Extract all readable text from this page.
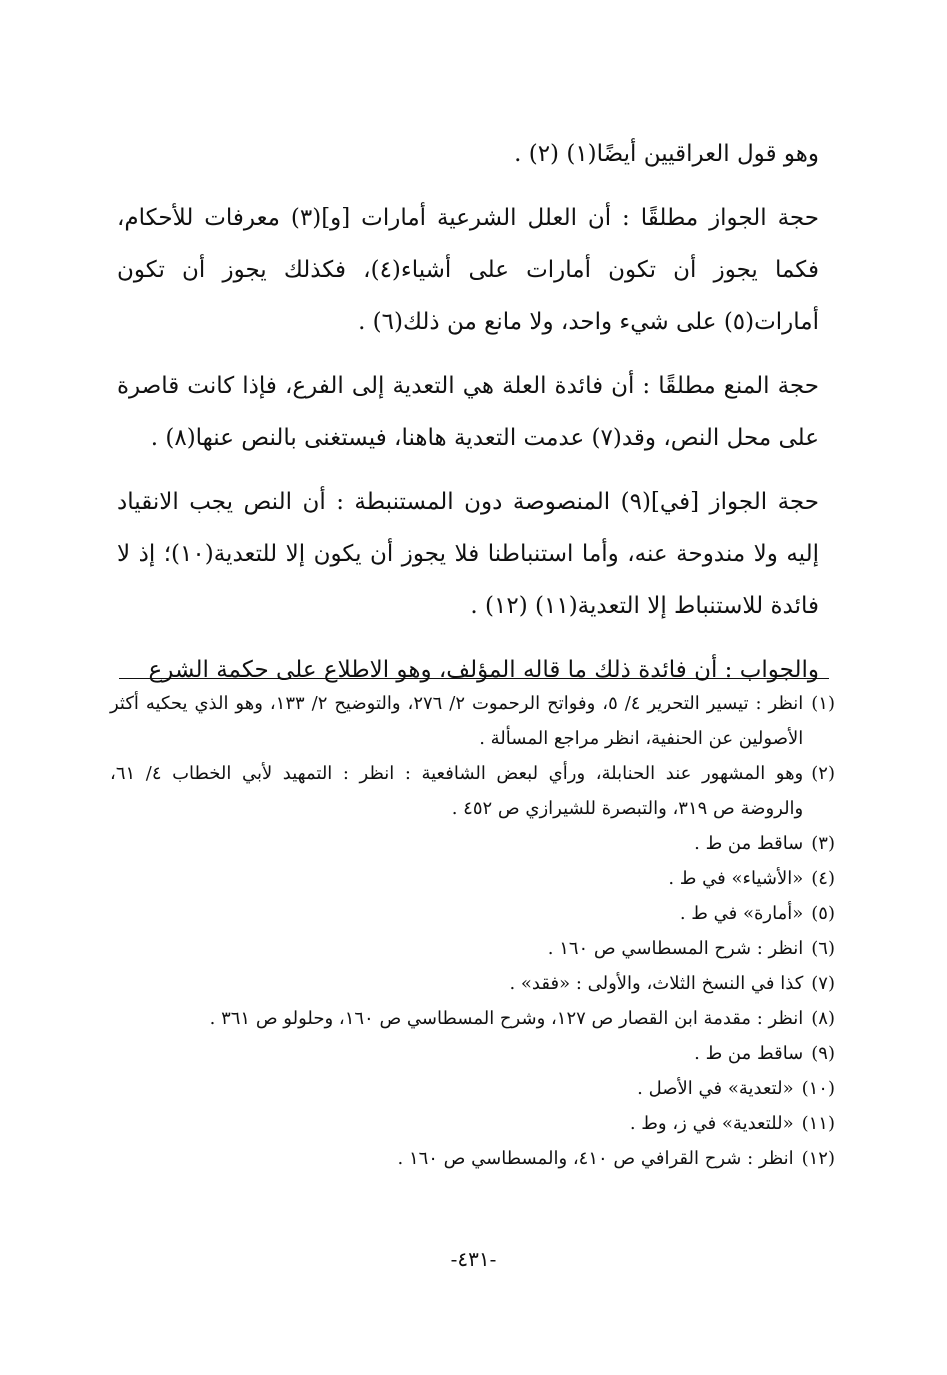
وهو قول العراقيين أيضًا(١) (٢) .

حجة الجواز مطلقًا : أن العلل الشرعية أمارات [و](٣) معرفات للأحكام، فكما يجوز أن تكون أمارات على أشياء(٤)، فكذلك يجوز أن تكون أمارات(٥) على شيء واحد، ولا مانع من ذلك(٦) .

حجة المنع مطلقًا : أن فائدة العلة هي التعدية إلى الفرع، فإذا كانت قاصرة على محل النص، وقد(٧) عدمت التعدية هاهنا، فيستغنى بالنص عنها(٨) .

حجة الجواز [في](٩) المنصوصة دون المستنبطة : أن النص يجب الانقياد إليه ولا مندوحة عنه، وأما استنباطنا فلا يجوز أن يكون إلا للتعدية(١٠)؛ إذ لا فائدة للاستنباط إلا التعدية(١١) (١٢) .

والجواب : أن فائدة ذلك ما قاله المؤلف، وهو الاطلاع على حكمة الشرع

(١)
انظر : تيسير التحرير ٤/ ٥، وفواتح الرحموت ٢/ ٢٧٦، والتوضيح ٢/ ١٣٣، وهو الذي يحكيه أكثر الأصولين عن الحنفية، انظر مراجع المسألة .
(٢)
وهو المشهور عند الحنابلة، ورأي لبعض الشافعية : انظر : التمهيد لأبي الخطاب ٤/ ٦١، والروضة ص ٣١٩، والتبصرة للشيرازي ص ٤٥٢ .
(٣)
ساقط من ط .
(٤)
«الأشياء» في ط .
(٥)
«أمارة» في ط .
(٦)
انظر : شرح المسطاسي ص ١٦٠ .
(٧)
كذا في النسخ الثلاث، والأولى : «فقد» .
(٨)
انظر : مقدمة ابن القصار ص ١٢٧، وشرح المسطاسي ص ١٦٠، وحلولو ص ٣٦١ .
(٩)
ساقط من ط .
(١٠)
«لتعدية» في الأصل .
(١١)
«للتعدية» في ز، وط .
(١٢)
انظر : شرح القرافي ص ٤١٠، والمسطاسي ص ١٦٠ .
-٤٣١-
